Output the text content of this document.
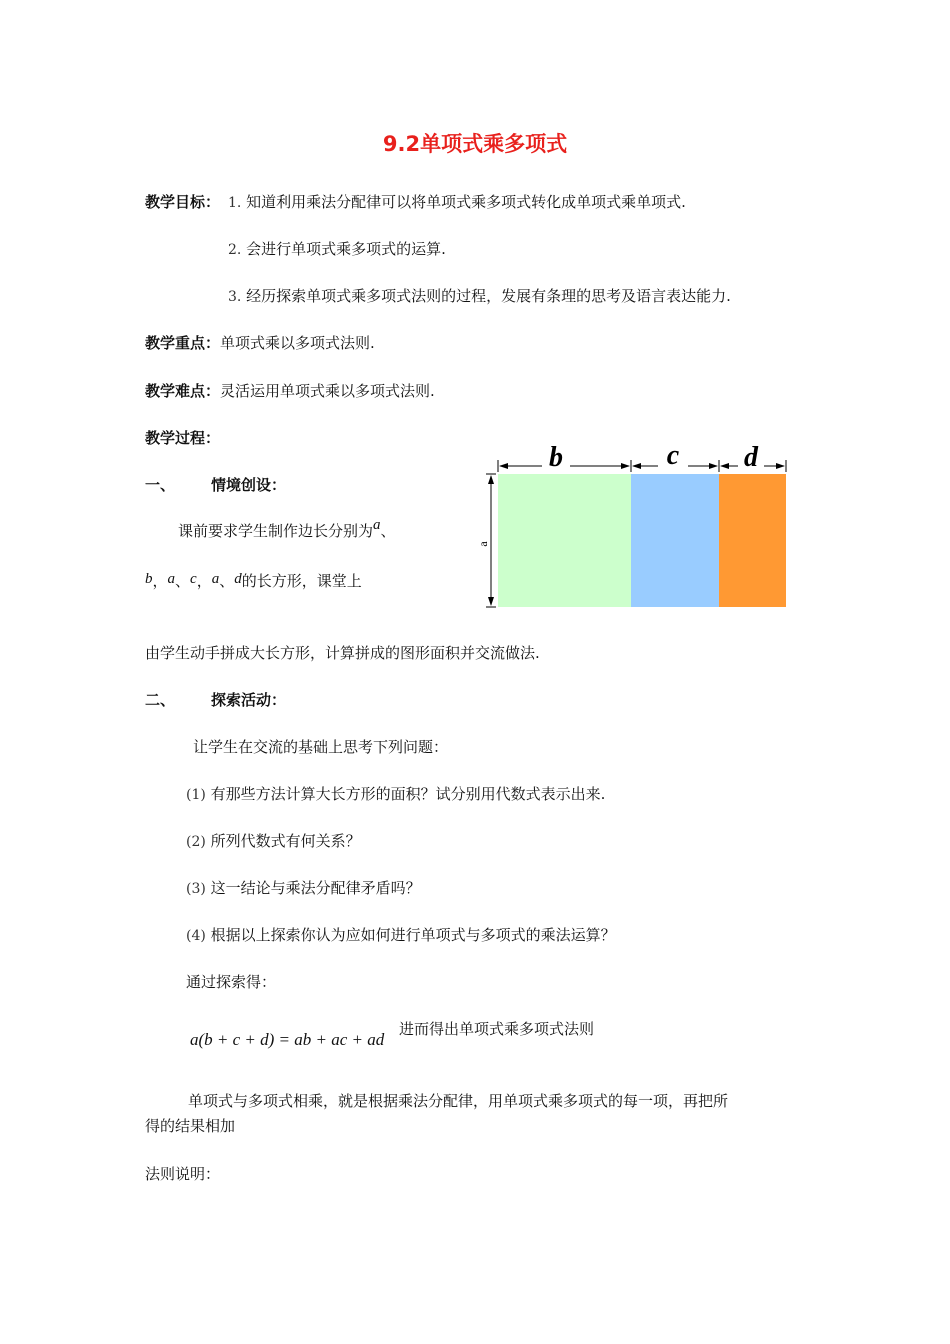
9.2单项式乘多项式
教学目标： 1. 知道利用乘法分配律可以将单项式乘多项式转化成单项式乘单项式.
2. 会进行单项式乘多项式的运算.
3. 经历探索单项式乘多项式法则的过程，发展有条理的思考及语言表达能力.
教学重点：单项式乘以多项式法则.
教学难点：灵活运用单项式乘以多项式法则.
教学过程：
一、 情境创设：
课前要求学生制作边长分别为a、
b，a、c，a、d的长方形，课堂上
b	c d
a
由学生动手拼成大长方形，计算拼成的图形面积并交流做法.
二、 探索活动：
让学生在交流的基础上思考下列问题：
(1) 有那些方法计算大长方形的面积？试分别用代数式表示出来.
(2) 所列代数式有何关系？
(3) 这一结论与乘法分配律矛盾吗？
(4) 根据以上探索你认为应如何进行单项式与多项式的乘法运算？
通过探索得：
a(b + c + d) = ab + ac + ad
进而得出单项式乘多项式法则
单项式与多项式相乘，就是根据乘法分配律，用单项式乘多项式的每一项，再把所
得的结果相加
法则说明：
